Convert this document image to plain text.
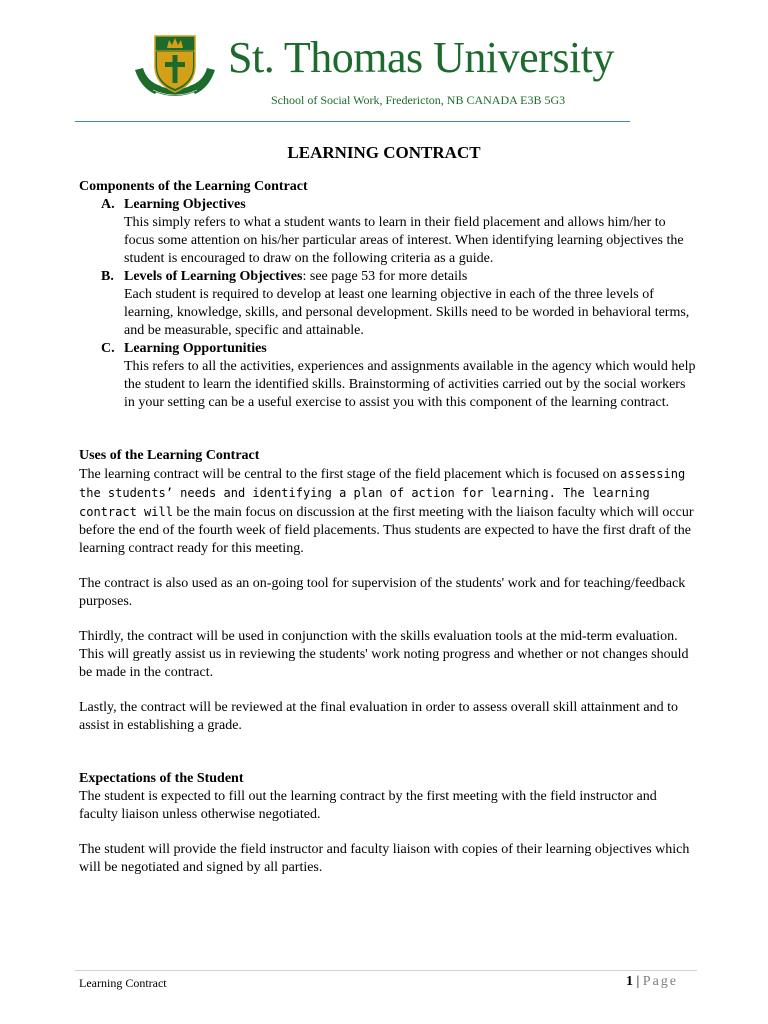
St. Thomas University
School of Social Work, Fredericton, NB CANADA E3B 5G3
LEARNING CONTRACT
Components of the Learning Contract
A. Learning Objectives

This simply refers to what a student wants to learn in their field placement and allows him/her to focus some attention on his/her particular areas of interest. When identifying learning objectives the student is encouraged to draw on the following criteria as a guide.

B. Levels of Learning Objectives: see page 53 for more details

Each student is required to develop at least one learning objective in each of the three levels of learning, knowledge, skills, and personal development. Skills need to be worded in behavioral terms, and be measurable, specific and attainable.

C. Learning Opportunities

This refers to all the activities, experiences and assignments available in the agency which would help the student to learn the identified skills. Brainstorming of activities carried out by the social workers in your setting can be a useful exercise to assist you with this component of the learning contract.

Uses of the Learning Contract

The learning contract will be central to the first stage of the field placement which is focused on assessing the students’ needs and identifying a plan of action for learning. The learning contract will be the main focus on discussion at the first meeting with the liaison faculty which will occur before the end of the fourth week of field placements. Thus students are expected to have the first draft of the learning contract ready for this meeting.

The contract is also used as an on-going tool for supervision of the students' work and for teaching/feedback purposes.

Thirdly, the contract will be used in conjunction with the skills evaluation tools at the mid-term evaluation. This will greatly assist us in reviewing the students' work noting progress and whether or not changes should be made in the contract.

Lastly, the contract will be reviewed at the final evaluation in order to assess overall skill attainment and to assist in establishing a grade.

Expectations of the Student

The student is expected to fill out the learning contract by the first meeting with the field instructor and faculty liaison unless otherwise negotiated.

The student will provide the field instructor and faculty liaison with copies of their learning objectives which will be negotiated and signed by all parties.

Learning Contract	1 | Page
